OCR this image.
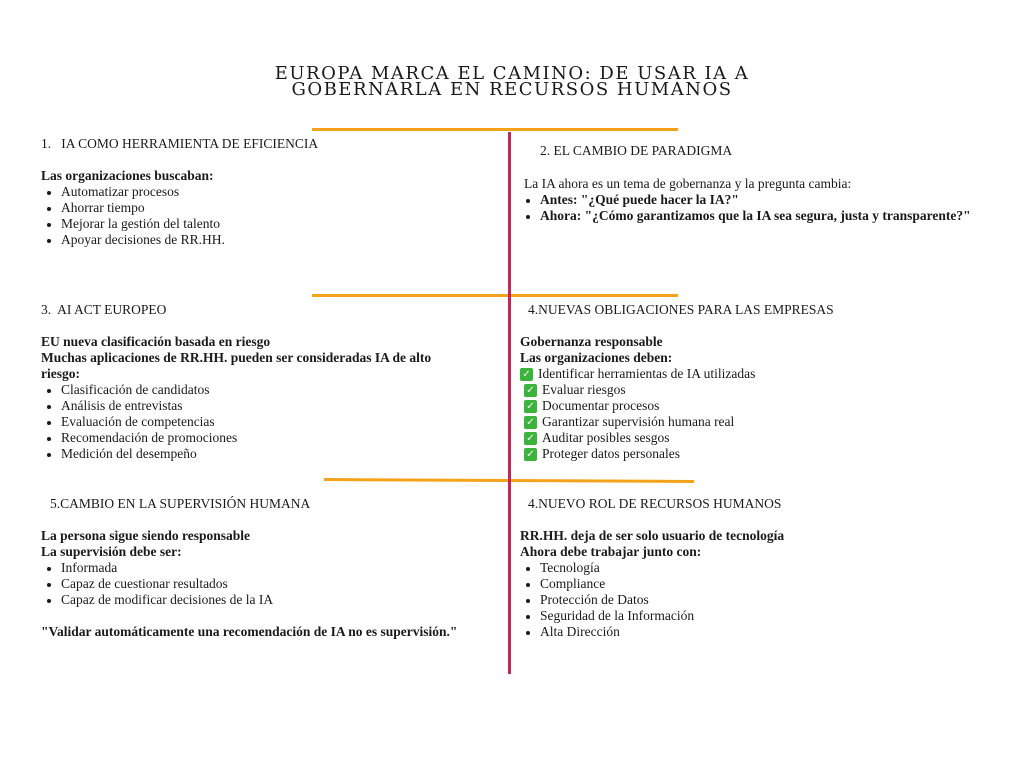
EUROPA MARCA EL CAMINO: DE USAR IA A
GOBERNARLA EN RECURSOS HUMANOS
1.   IA COMO HERRAMIENTA DE EFICIENCIA
Las organizaciones buscaban:
Automatizar procesos
Ahorrar tiempo
Mejorar la gestión del talento
Apoyar decisiones de RR.HH.
2. EL CAMBIO DE PARADIGMA
La IA ahora es un tema de gobernanza y la pregunta cambia:
Antes: "¿Qué puede hacer la IA?"
Ahora: "¿Cómo garantizamos que la IA sea segura, justa y transparente?"
3.  AI ACT EUROPEO
EU nueva clasificación basada en riesgo
Muchas aplicaciones de RR.HH. pueden ser consideradas IA de alto
riesgo:
Clasificación de candidatos
Análisis de entrevistas
Evaluación de competencias
Recomendación de promociones
Medición del desempeño
4.NUEVAS OBLIGACIONES PARA LAS EMPRESAS
Gobernanza responsable
Las organizaciones deben:
✓ Identificar herramientas de IA utilizadas
✓ Evaluar riesgos
✓ Documentar procesos
✓ Garantizar supervisión humana real
✓ Auditar posibles sesgos
✓ Proteger datos personales
5.CAMBIO EN LA SUPERVISIÓN HUMANA
La persona sigue siendo responsable
La supervisión debe ser:
Informada
Capaz de cuestionar resultados
Capaz de modificar decisiones de la IA
"Validar automáticamente una recomendación de IA no es supervisión."
4.NUEVO ROL DE RECURSOS HUMANOS
RR.HH. deja de ser solo usuario de tecnología
Ahora debe trabajar junto con:
Tecnología
Compliance
Protección de Datos
Seguridad de la Información
Alta Dirección
